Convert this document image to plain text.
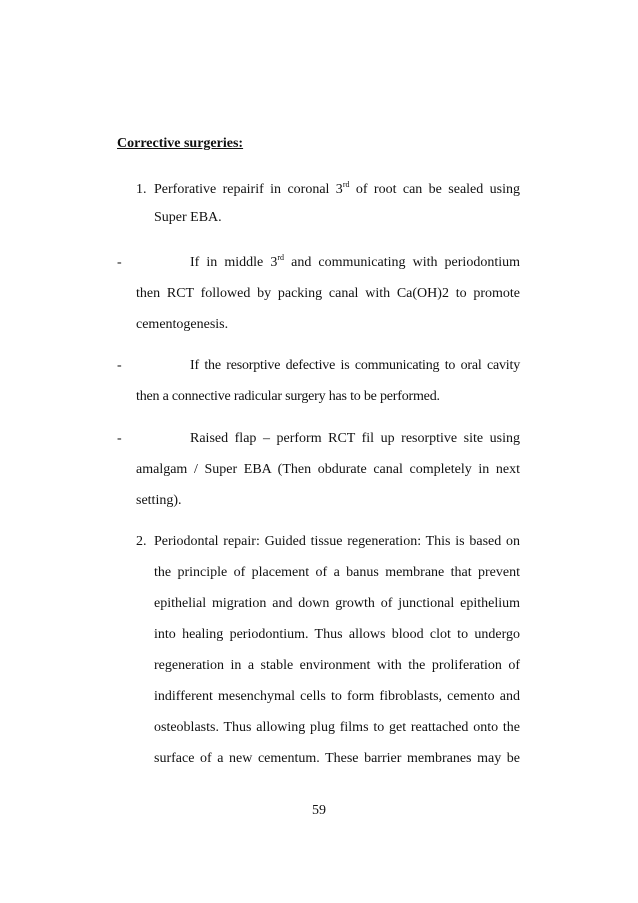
Corrective surgeries:
1. Perforative repairif in coronal 3rd of root can be sealed using
Super EBA.
-	If in middle 3rd and communicating with periodontium
then RCT followed by packing canal with Ca(OH)2 to promote
cementogenesis.
-	If the resorptive defective is communicating to oral cavity
then a connective radicular surgery has to be performed.
-	Raised flap – perform RCT fil up resorptive site using
amalgam / Super EBA (Then obdurate canal completely in next
setting).
2. Periodontal repair: Guided tissue regeneration: This is based on
the principle of placement of a banus membrane that prevent
epithelial migration and down growth of junctional epithelium
into healing periodontium. Thus allows blood clot to undergo
regeneration in a stable environment with the proliferation of
indifferent mesenchymal cells to form fibroblasts, cemento and
osteoblasts. Thus allowing plug films to get reattached onto the
surface of a new cementum. These barrier membranes may be
59
